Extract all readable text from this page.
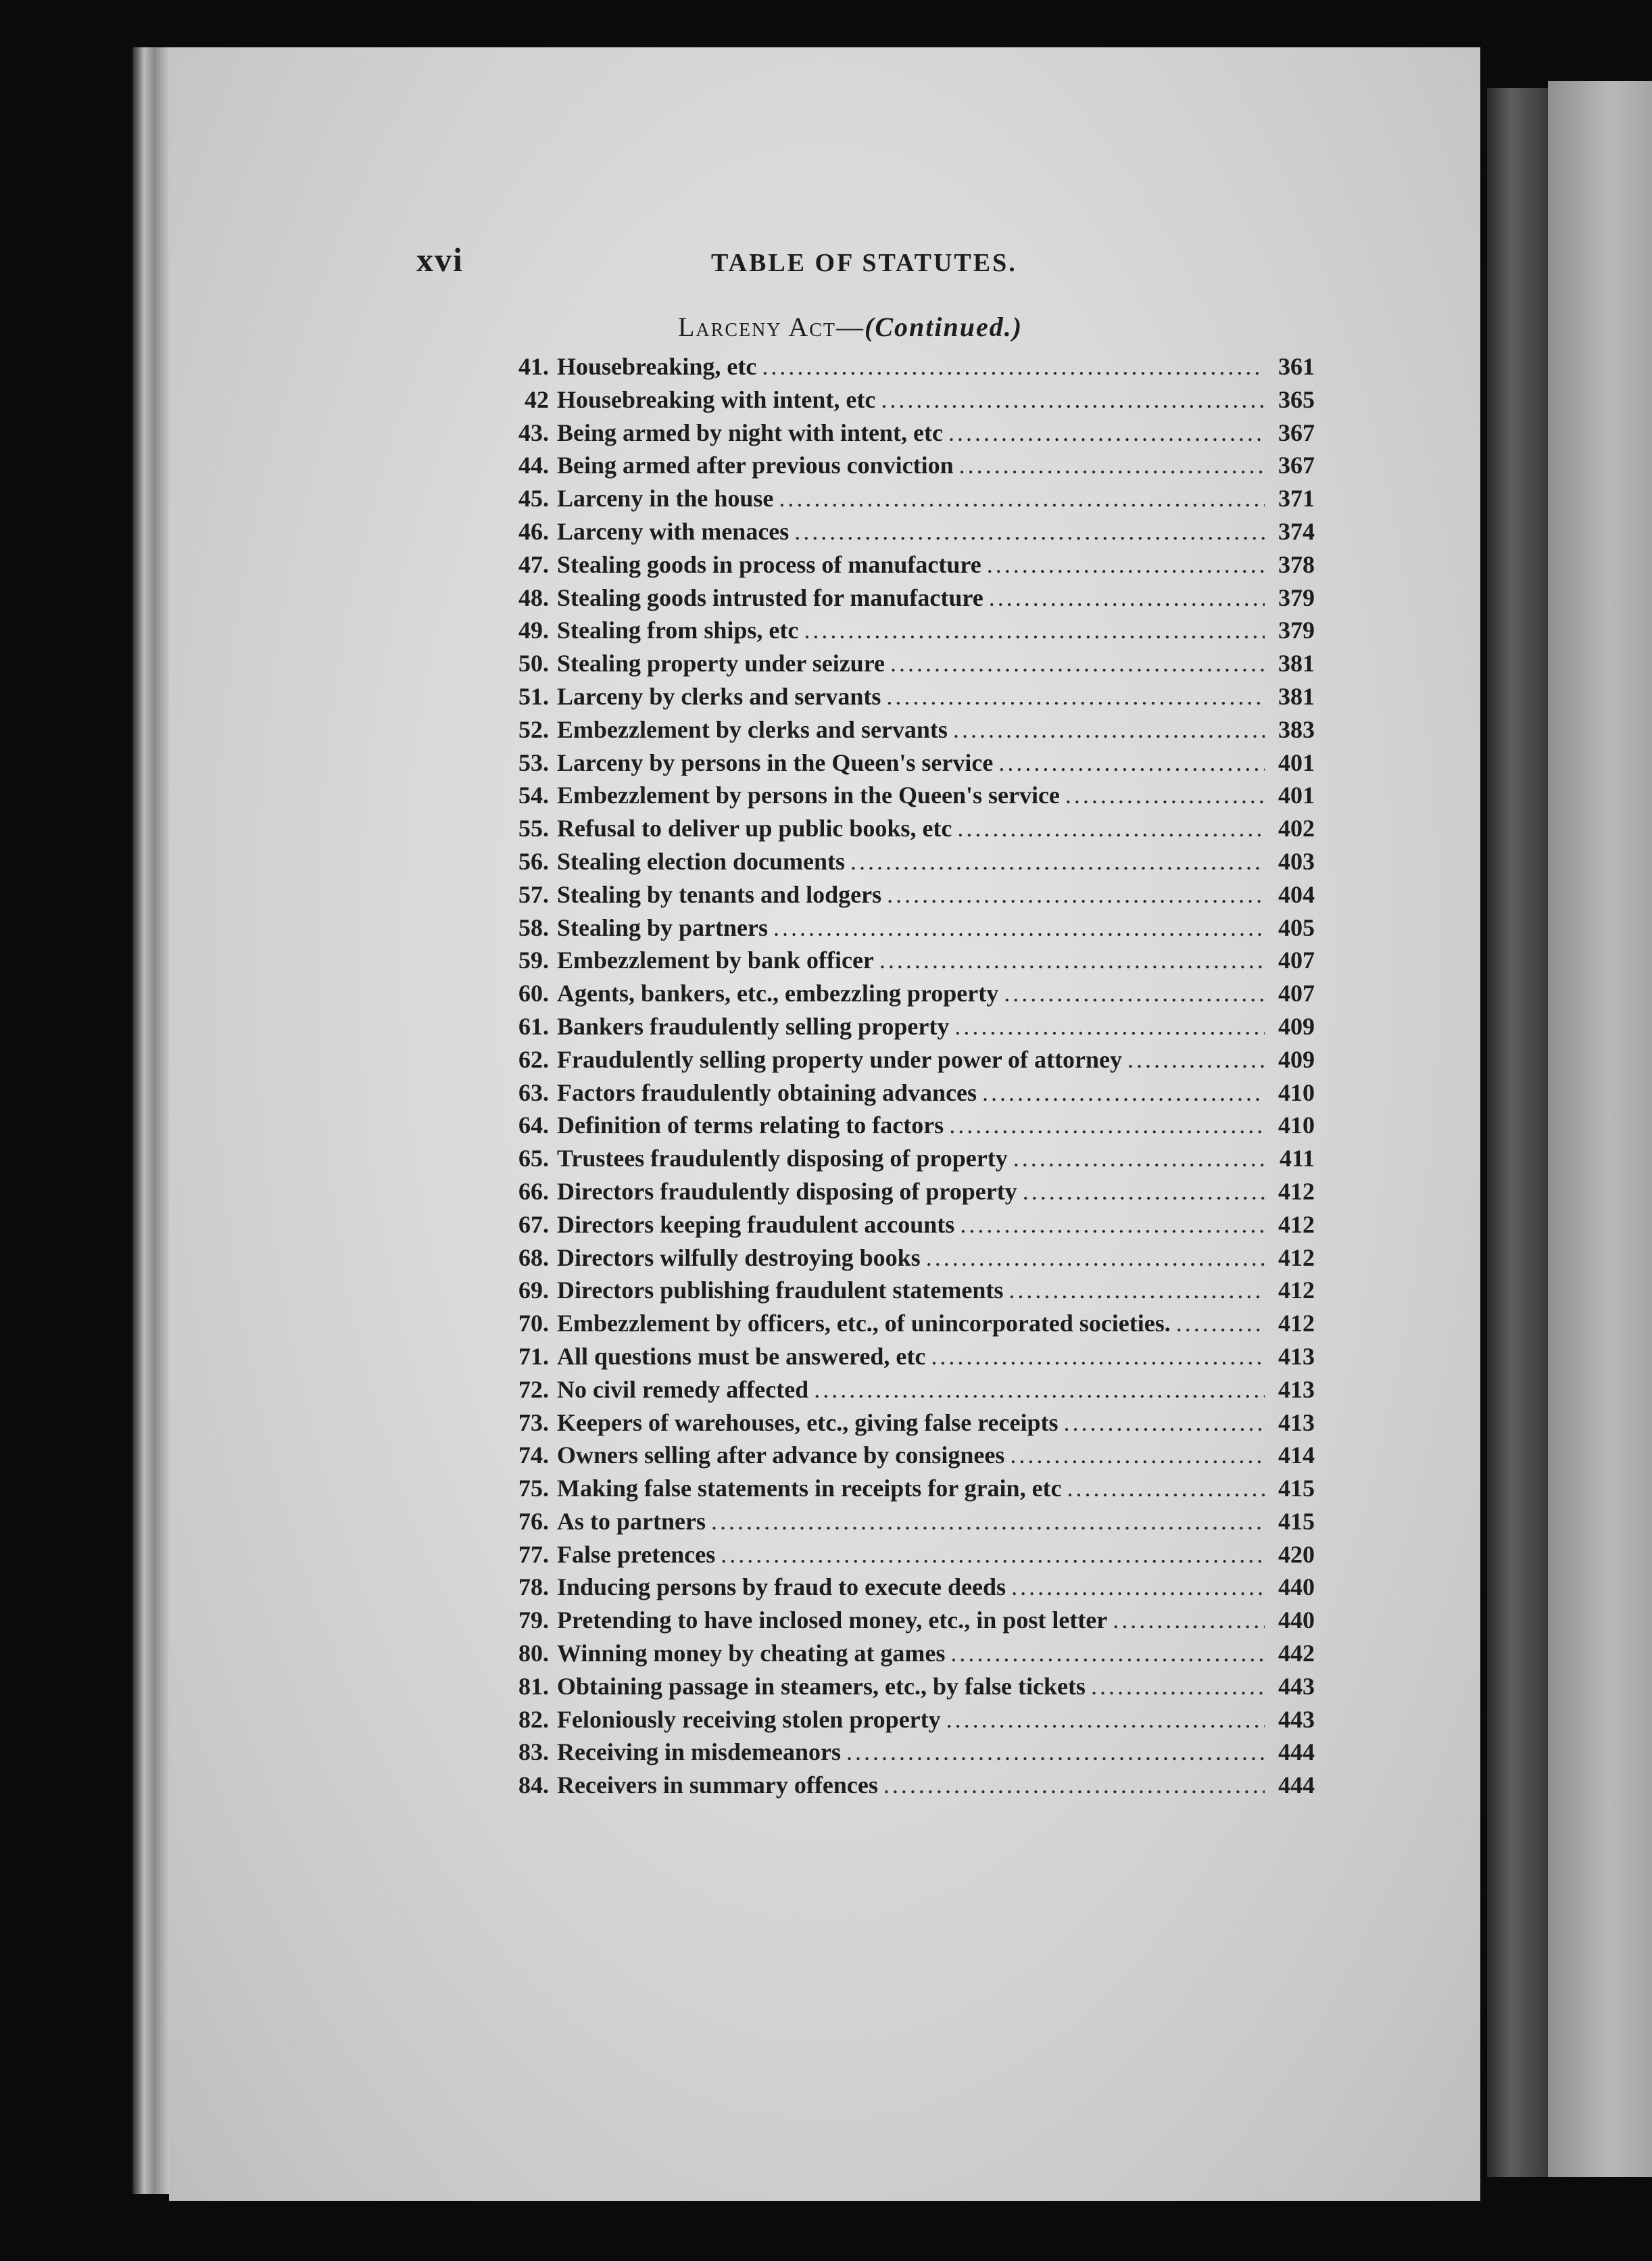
xvi	TABLE OF STATUTES.
Larceny Act—(Continued.)
41. Housebreaking, etc .....	361
42 Housebreaking with intent, etc .....	365
43. Being armed by night with intent, etc .....	367
44. Being armed after previous conviction .....	367
45. Larceny in the house .....	371
46. Larceny with menaces .....	374
47. Stealing goods in process of manufacture .....	378
48. Stealing goods intrusted for manufacture .....	379
49. Stealing from ships, etc .....	379
50. Stealing property under seizure .....	381
51. Larceny by clerks and servants .....	381
52. Embezzlement by clerks and servants .....	383
53. Larceny by persons in the Queen's service .....	401
54. Embezzlement by persons in the Queen's service .....	401
55. Refusal to deliver up public books, etc .....	402
56. Stealing election documents .....	403
57. Stealing by tenants and lodgers .....	404
58. Stealing by partners .....	405
59. Embezzlement by bank officer .....	407
60. Agents, bankers, etc., embezzling property .....	407
61. Bankers fraudulently selling property .....	409
62. Fraudulently selling property under power of attorney .....	409
63. Factors fraudulently obtaining advances .....	410
64. Definition of terms relating to factors .....	410
65. Trustees fraudulently disposing of property .....	411
66. Directors fraudulently disposing of property .....	412
67. Directors keeping fraudulent accounts .....	412
68. Directors wilfully destroying books .....	412
69. Directors publishing fraudulent statements .....	412
70. Embezzlement by officers, etc., of unincorporated societies. .....	412
71. All questions must be answered, etc .....	413
72. No civil remedy affected .....	413
73. Keepers of warehouses, etc., giving false receipts .....	413
74. Owners selling after advance by consignees .....	414
75. Making false statements in receipts for grain, etc .....	415
76. As to partners .....	415
77. False pretences .....	420
78. Inducing persons by fraud to execute deeds .....	440
79. Pretending to have inclosed money, etc., in post letter .....	440
80. Winning money by cheating at games .....	442
81. Obtaining passage in steamers, etc., by false tickets .....	443
82. Feloniously receiving stolen property .....	443
83. Receiving in misdemeanors .....	444
84. Receivers in summary offences .....	444
